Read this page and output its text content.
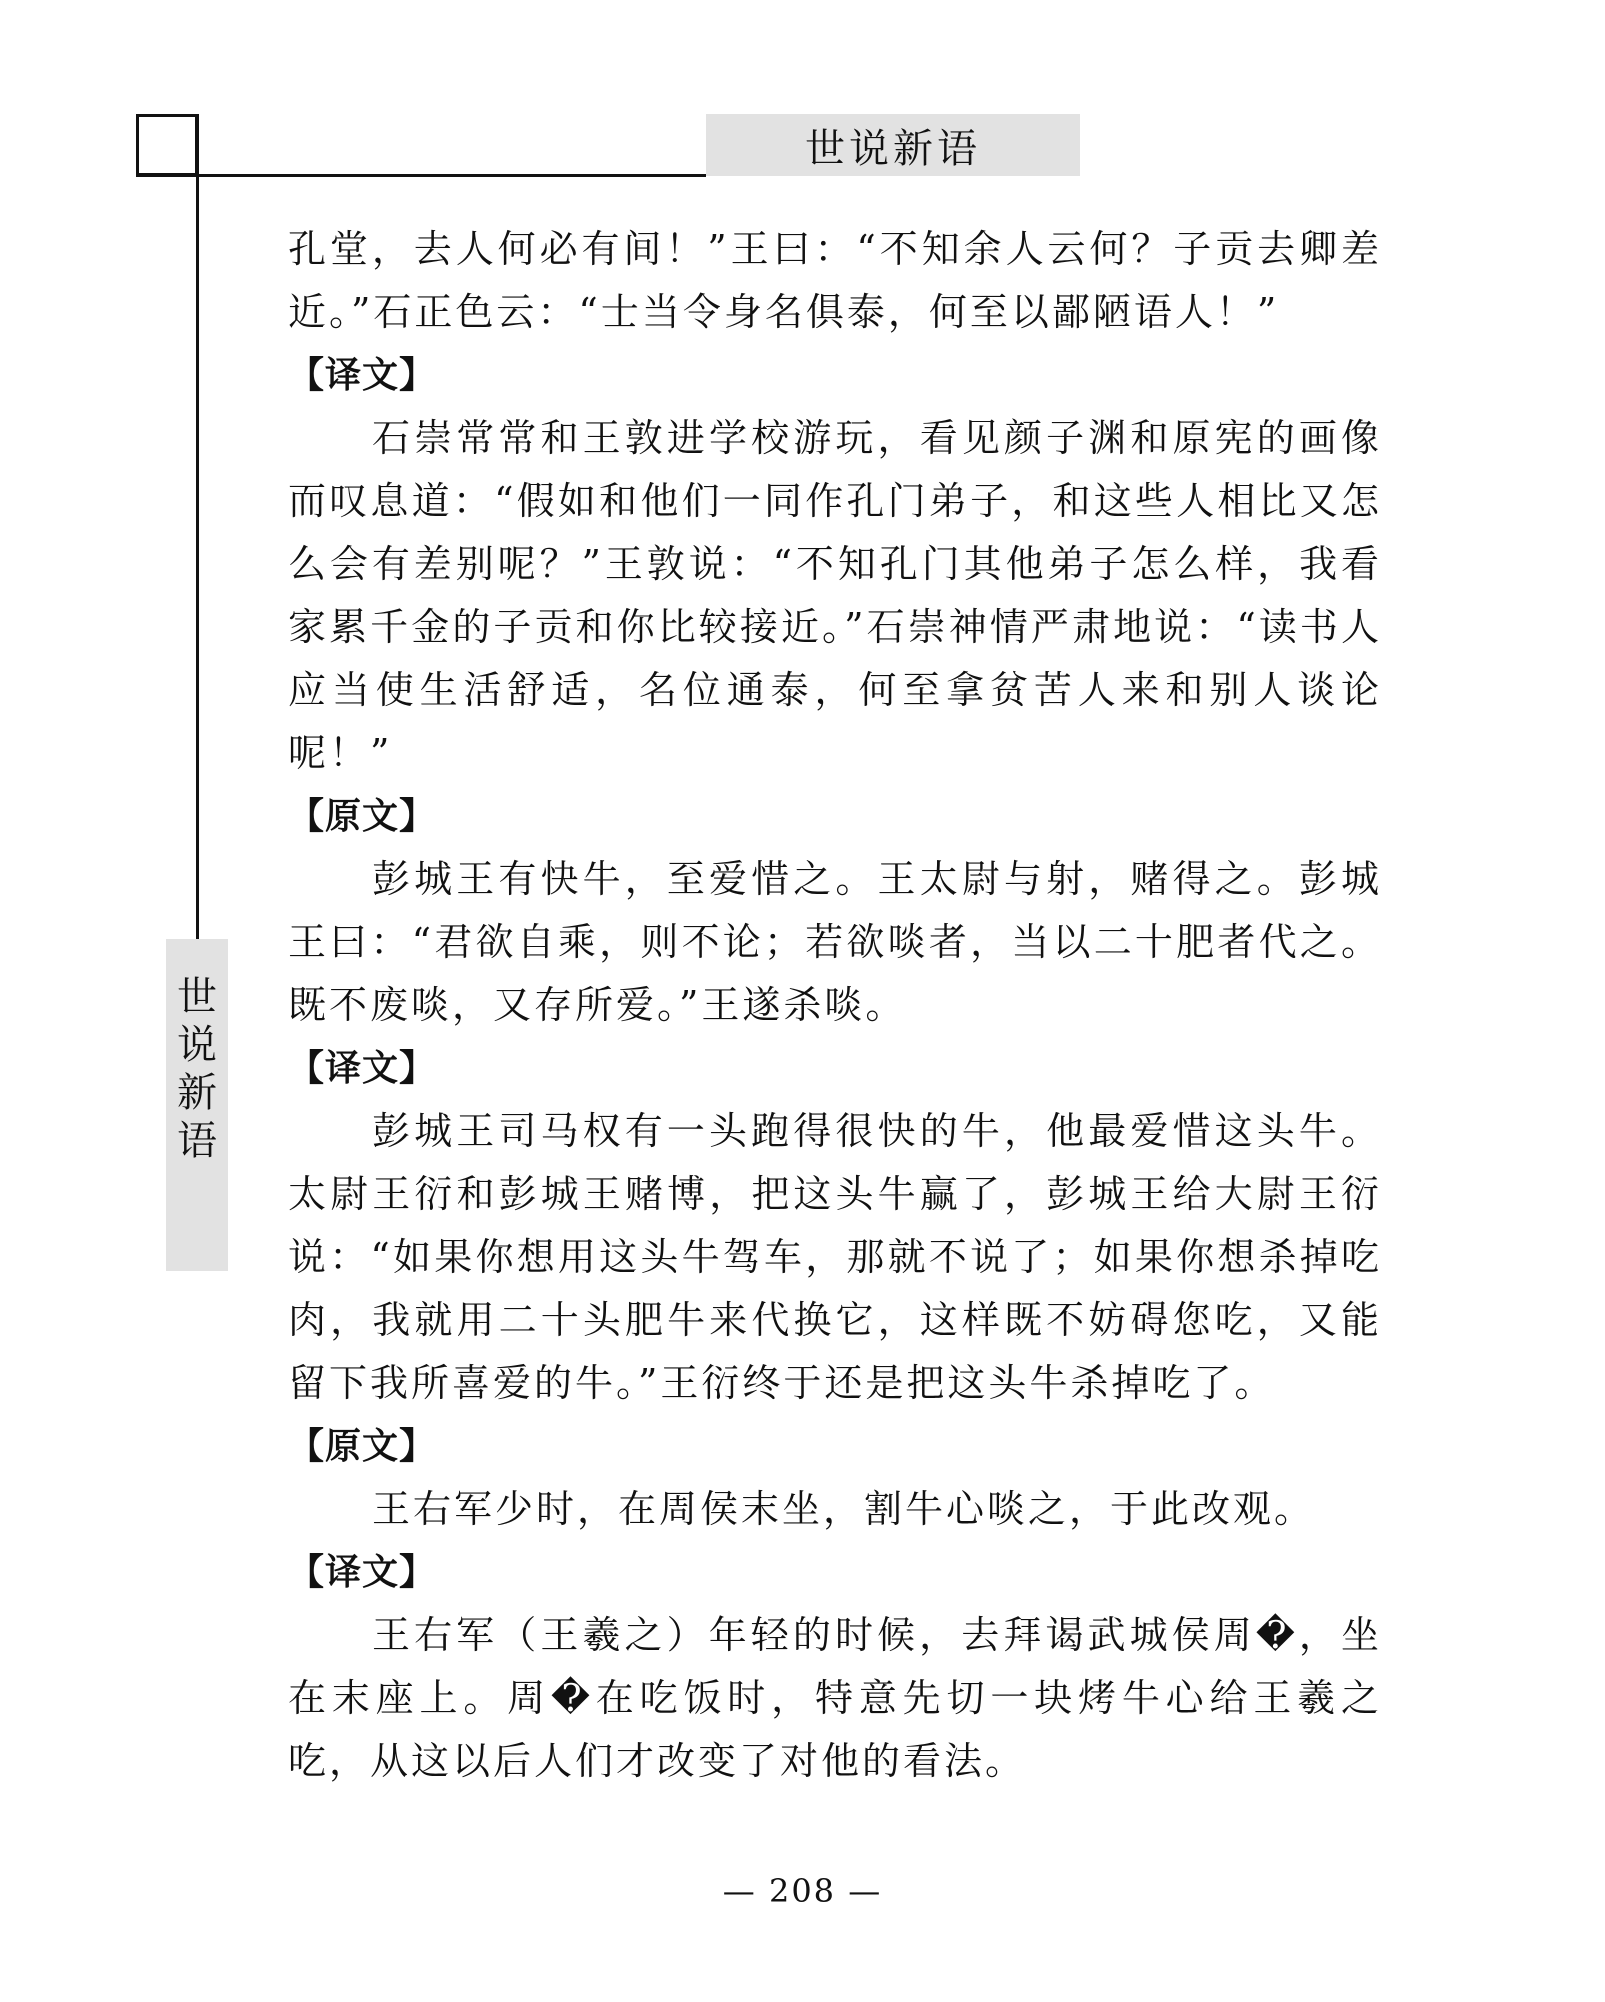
世说新语
世
说
新
语

孔堂，去人何必有间！”王曰：“不知余人云何？子贡去卿差近。”石正色云：“士当令身名俱泰，何至以鄙陋语人！”

【译文】

石崇常常和王敦进学校游玩，看见颜子渊和原宪的画像而叹息道：“假如和他们一同作孔门弟子，和这些人相比又怎么会有差别呢？”王敦说：“不知孔门其他弟子怎么样，我看家累千金的子贡和你比较接近。”石崇神情严肃地说：“读书人应当使生活舒适，名位通泰，何至拿贫苦人来和别人谈论呢！”

【原文】

彭城王有快牛，至爱惜之。王太尉与射，赌得之。彭城王曰：“君欲自乘，则不论；若欲啖者，当以二十肥者代之。既不废啖，又存所爱。”王遂杀啖。

【译文】

彭城王司马权有一头跑得很快的牛，他最爱惜这头牛。太尉王衍和彭城王赌博，把这头牛赢了，彭城王给大尉王衍说：“如果你想用这头牛驾车，那就不说了；如果你想杀掉吃肉，我就用二十头肥牛来代换它，这样既不妨碍您吃，又能留下我所喜爱的牛。”王衍终于还是把这头牛杀掉吃了。

【原文】

王右军少时，在周侯末坐，割牛心啖之，于此改观。

【译文】

王右军（王羲之）年轻的时候，去拜谒武城侯周�，坐在末座上。周�在吃饭时，特意先切一块烤牛心给王羲之吃，从这以后人们才改变了对他的看法。

— 208 —
